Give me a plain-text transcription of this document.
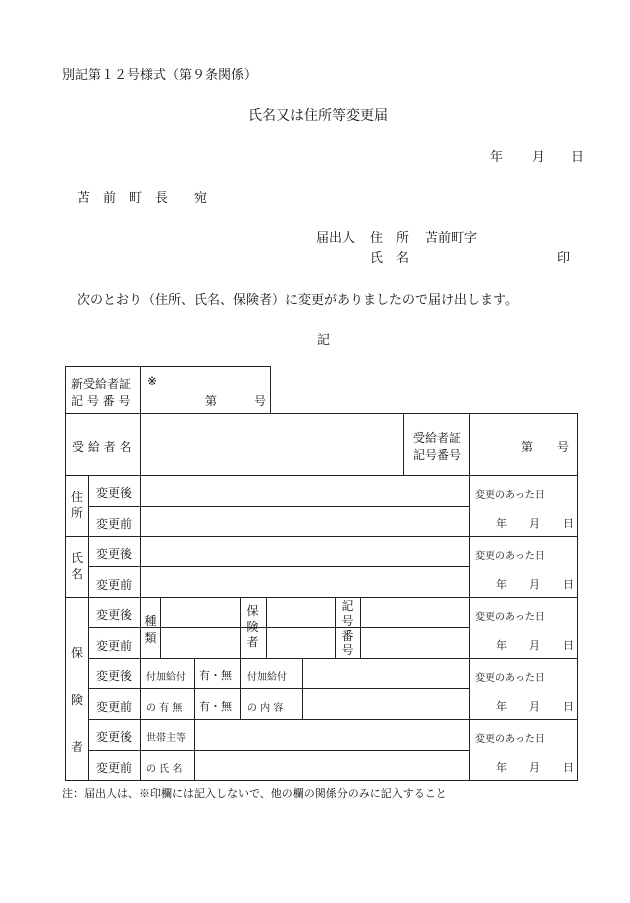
別記第１２号様式（第９条関係）
氏名又は住所等変更届
年 月 日
苫　前　町　長　　宛
届出人 住　所 苫前町字
氏　名	印
次のとおり（住所、氏名、保険者）に変更がありましたので届け出します。
記
新受給者証
記 号 番 号
※
第	号
受 給 者 名
受給者証
記号番号
第 号
住所
変更後
変更前
変更のあった日
年 月 日
氏名
変更後
変更前
変更のあった日
年 月 日
保険者
変更後
変更前
種類
保険者
記号番号
変更のあった日
年 月 日
変更後
変更前
付加給付
の 有 無
有・無
有・無
付加給付
の 内 容
変更のあった日
年 月 日
変更後
変更前
世帯主等
の 氏 名
変更のあった日
年 月 日
注：届出人は、※印欄には記入しないで、他の欄の関係分のみに記入すること
